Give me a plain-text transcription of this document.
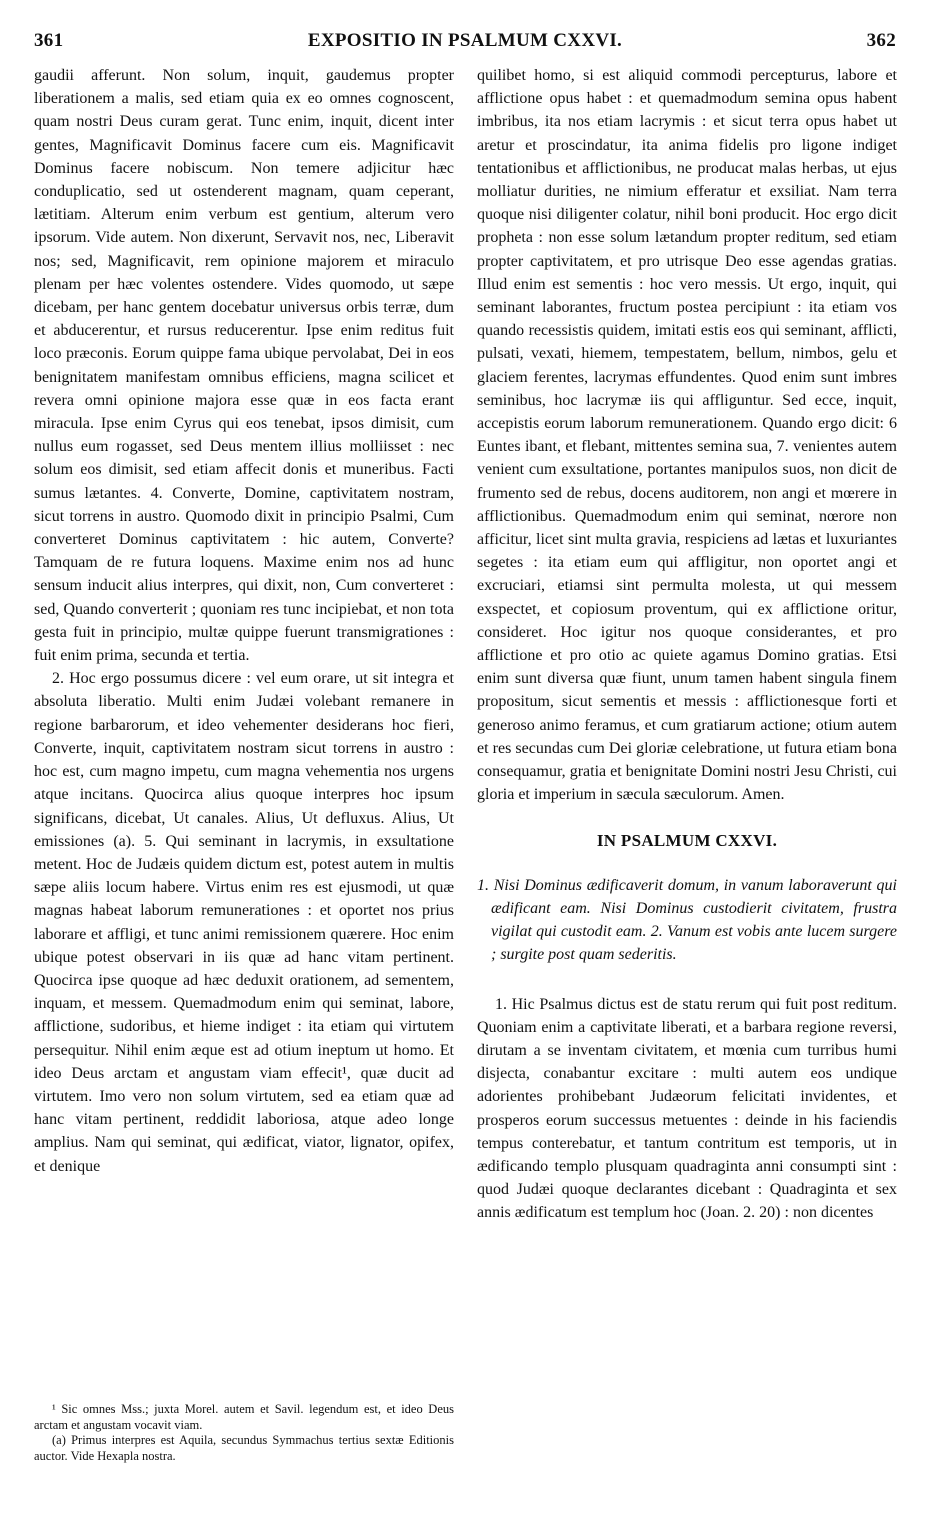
361	EXPOSITIO IN PSALMUM CXXVI.	362

gaudii afferunt. Non solum, inquit, gaudemus propter liberationem a malis, sed etiam quia ex eo omnes cognoscent, quam nostri Deus curam gerat. Tunc enim, inquit, dicent inter gentes, Magnificavit Dominus facere cum eis. Magnificavit Dominus facere nobiscum. Non temere adjicitur hæc conduplicatio, sed ut ostenderent magnam, quam ceperant, lætitiam. Alterum enim verbum est gentium, alterum vero ipsorum. Vide autem. Non dixerunt, Servavit nos, nec, Liberavit nos; sed, Magnificavit, rem opinione majorem et miraculo plenam per hæc volentes ostendere. Vides quomodo, ut sæpe dicebam, per hanc gentem docebatur universus orbis terræ, dum et abducerentur, et rursus reducerentur. Ipse enim reditus fuit loco præconis. Eorum quippe fama ubique pervolabat, Dei in eos benignitatem manifestam omnibus efficiens, magna scilicet et revera omni opinione majora esse quæ in eos facta erant miracula. Ipse enim Cyrus qui eos tenebat, ipsos dimisit, cum nullus eum rogasset, sed Deus mentem illius molliisset : nec solum eos dimisit, sed etiam affecit donis et muneribus. Facti sumus lætantes. 4. Converte, Domine, captivitatem nostram, sicut torrens in austro. Quomodo dixit in principio Psalmi, Cum converteret Dominus captivitatem : hic autem, Converte? Tamquam de re futura loquens. Maxime enim nos ad hunc sensum inducit alius interpres, qui dixit, non, Cum converteret : sed, Quando converterit ; quoniam res tunc incipiebat, et non tota gesta fuit in principio, multæ quippe fuerunt transmigrationes : fuit enim prima, secunda et tertia.

2. Hoc ergo possumus dicere : vel eum orare, ut sit integra et absoluta liberatio. Multi enim Judæi volebant remanere in regione barbarorum, et ideo vehementer desiderans hoc fieri, Converte, inquit, captivitatem nostram sicut torrens in austro : hoc est, cum magno impetu, cum magna vehementia nos urgens atque incitans. Quocirca alius quoque interpres hoc ipsum significans, dicebat, Ut canales. Alius, Ut defluxus. Alius, Ut emissiones (a). 5. Qui seminant in lacrymis, in exsultatione metent. Hoc de Judæis quidem dictum est, potest autem in multis sæpe aliis locum habere. Virtus enim res est ejusmodi, ut quæ magnas habeat laborum remunerationes : et oportet nos prius laborare et affligi, et tunc animi remissionem quærere. Hoc enim ubique potest observari in iis quæ ad hanc vitam pertinent. Quocirca ipse quoque ad hæc deduxit orationem, ad sementem, inquam, et messem. Quemadmodum enim qui seminat, labore, afflictione, sudoribus, et hieme indiget : ita etiam qui virtutem persequitur. Nihil enim æque est ad otium ineptum ut homo. Et ideo Deus arctam et angustam viam effecit¹, quæ ducit ad virtutem. Imo vero non solum virtutem, sed ea etiam quæ ad hanc vitam pertinent, reddidit laboriosa, atque adeo longe amplius. Nam qui seminat, qui ædificat, viator, lignator, opifex, et denique

¹ Sic omnes Mss.; juxta Morel. autem et Savil. legendum est, et ideo Deus arctam et angustam vocavit viam.

(a) Primus interpres est Aquila, secundus Symmachus tertius sextæ Editionis auctor. Vide Hexapla nostra.

quilibet homo, si est aliquid commodi percepturus, labore et afflictione opus habet : et quemadmodum semina opus habent imbribus, ita nos etiam lacrymis : et sicut terra opus habet ut aretur et proscindatur, ita anima fidelis pro ligone indiget tentationibus et afflictionibus, ne producat malas herbas, ut ejus molliatur durities, ne nimium efferatur et exsiliat. Nam terra quoque nisi diligenter colatur, nihil boni producit. Hoc ergo dicit propheta : non esse solum lætandum propter reditum, sed etiam propter captivitatem, et pro utrisque Deo esse agendas gratias. Illud enim est sementis : hoc vero messis. Ut ergo, inquit, qui seminant laborantes, fructum postea percipiunt : ita etiam vos quando recessistis quidem, imitati estis eos qui seminant, afflicti, pulsati, vexati, hiemem, tempestatem, bellum, nimbos, gelu et glaciem ferentes, lacrymas effundentes. Quod enim sunt imbres seminibus, hoc lacrymæ iis qui affliguntur. Sed ecce, inquit, accepistis eorum laborum remunerationem. Quando ergo dicit: 6 Euntes ibant, et flebant, mittentes semina sua, 7. venientes autem venient cum exsultatione, portantes manipulos suos, non dicit de frumento sed de rebus, docens auditorem, non angi et mœrere in afflictionibus. Quemadmodum enim qui seminat, nœrore non afficitur, licet sint multa gravia, respiciens ad lætas et luxuriantes segetes : ita etiam eum qui affligitur, non oportet angi et excruciari, etiamsi sint permulta molesta, ut qui messem exspectet, et copiosum proventum, qui ex afflictione oritur, consideret. Hoc igitur nos quoque considerantes, et pro afflictione et pro otio ac quiete agamus Domino gratias. Etsi enim sunt diversa quæ fiunt, unum tamen habent singula finem propositum, sicut sementis et messis : afflictionesque forti et generoso animo feramus, et cum gratiarum actione; otium autem et res secundas cum Dei gloriæ celebratione, ut futura etiam bona consequamur, gratia et benignitate Domini nostri Jesu Christi, cui gloria et imperium in sæcula sæculorum. Amen.

IN PSALMUM CXXVI.

1. Nisi Dominus ædificaverit domum, in vanum laboraverunt qui ædificant eam. Nisi Dominus custodierit civitatem, frustra vigilat qui custodit eam. 2. Vanum est vobis ante lucem surgere ; surgite post quam sederitis.

1. Hic Psalmus dictus est de statu rerum qui fuit post reditum. Quoniam enim a captivitate liberati, et a barbara regione reversi, dirutam a se inventam civitatem, et mœnia cum turribus humi disjecta, conabantur excitare : multi autem eos undique adorientes prohibebant Judæorum felicitati invidentes, et prosperos eorum successus metuentes : deinde in his faciendis tempus conterebatur, et tantum contritum est temporis, ut in ædificando templo plusquam quadraginta anni consumpti sint : quod Judæi quoque declarantes dicebant : Quadraginta et sex annis ædificatum est templum hoc (Joan. 2. 20) : non dicentes
